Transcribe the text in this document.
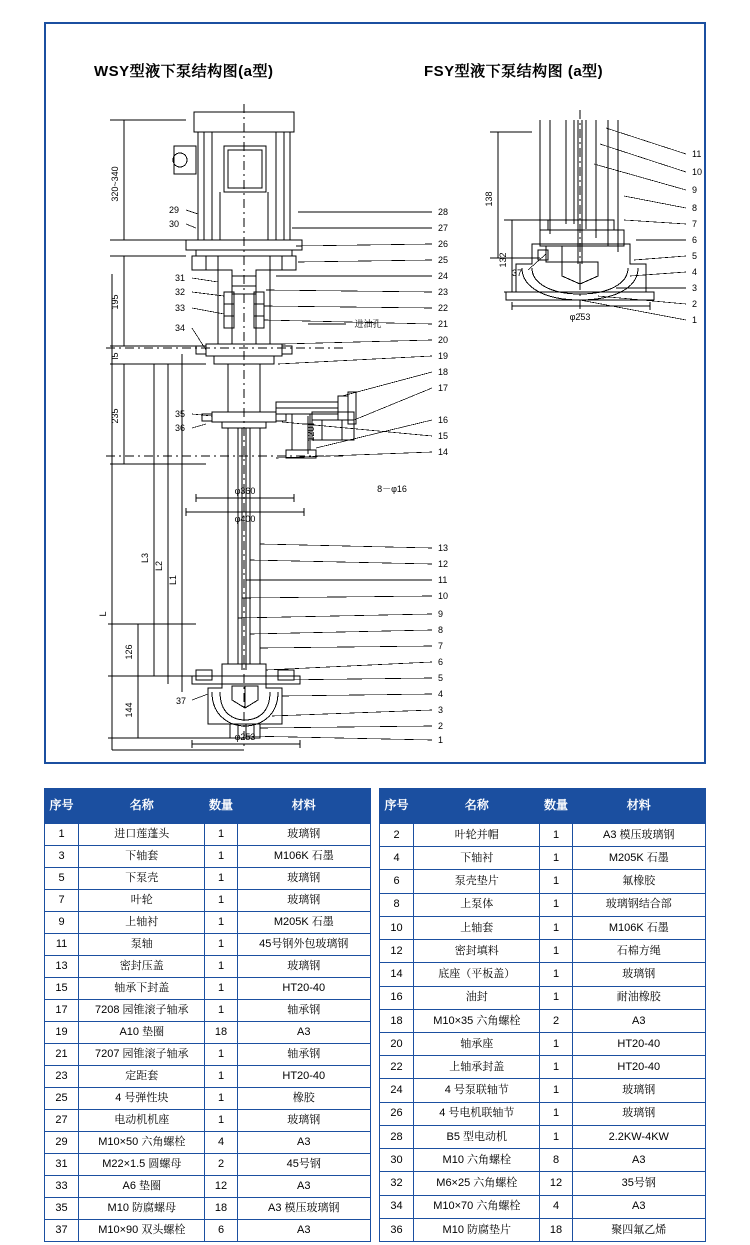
WSY型液下泵结构图(a型)	FSY型液下泵结构图 (a型)
320~340
195
l5
235
126
144
L3
L2
L1
L
120
φ360
φ400
φ253
8－φ16
进油孔
29
30
31
32
33
34
35
36
37
28
27
26
25
24
23
22
21
20
19
18
17
16
15
14
13
12
11
10
9
8
7
6
5
4
3
2
1
138
132
φ253
37
11
10
9
8
7
6
5
4
3
2
1
序号	名称	数量	材料
1	进口莲蓬头	1	玻璃钢
3	下轴套	1	M106K 石墨
5	下泵壳	1	玻璃钢
7	叶轮	1	玻璃钢
9	上轴衬	1	M205K 石墨
11	泵轴	1	45号钢外包玻璃钢
13	密封压盖	1	玻璃钢
15	轴承下封盖	1	HT20-40
17	7208 园锥滚子轴承	1	轴承钢
19	A10 垫圈	18	A3
21	7207 园锥滚子轴承	1	轴承钢
23	定距套	1	HT20-40
25	4 号弹性块	1	橡胶
27	电动机机座	1	玻璃钢
29	M10×50 六角螺栓	4	A3
31	M22×1.5 圆螺母	2	45号钢
33	A6 垫圈	12	A3
35	M10 防腐螺母	18	A3 模压玻璃钢
37	M10×90 双头螺栓	6	A3
序号	名称	数量	材料
2	叶轮并帽	1	A3 模压玻璃钢
4	下轴衬	1	M205K 石墨
6	泵壳垫片	1	氟橡胶
8	上泵体	1	玻璃钢结合部
10	上轴套	1	M106K 石墨
12	密封填料	1	石棉方绳
14	底座（平板盖）	1	玻璃钢
16	油封	1	耐油橡胶
18	M10×35 六角螺栓	2	A3
20	轴承座	1	HT20-40
22	上轴承封盖	1	HT20-40
24	4 号泵联轴节	1	玻璃钢
26	4 号电机联轴节	1	玻璃钢
28	B5 型电动机	1	2.2KW-4KW
30	M10 六角螺栓	8	A3
32	M6×25 六角螺栓	12	35号钢
34	M10×70 六角螺栓	4	A3
36	M10 防腐垫片	18	聚四氟乙烯
